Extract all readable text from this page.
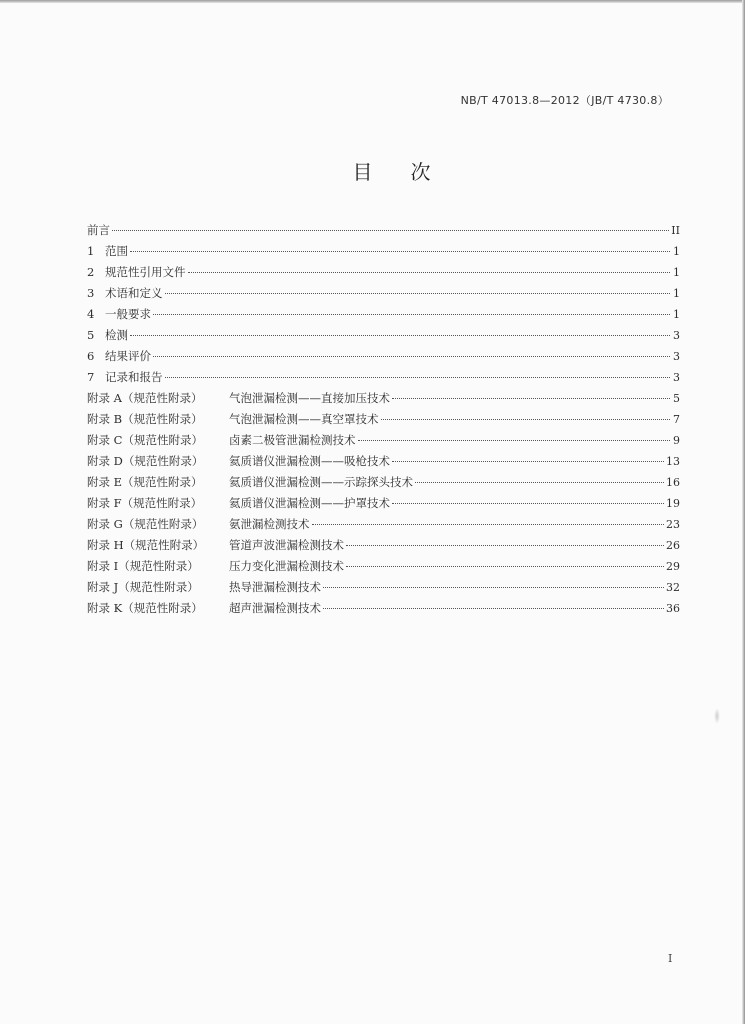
NB/T 47013.8—2012（JB/T 4730.8）
目次
前言	II
1 范围	1
2 规范性引用文件	1
3 术语和定义	1
4 一般要求	1
5 检测	3
6 结果评价	3
7 记录和报告	3
附录 A（规范性附录）	气泡泄漏检测——直接加压技术	5
附录 B（规范性附录）	气泡泄漏检测——真空罩技术	7
附录 C（规范性附录）	卤素二极管泄漏检测技术	9
附录 D（规范性附录）	氦质谱仪泄漏检测——吸枪技术	13
附录 E（规范性附录）	氦质谱仪泄漏检测——示踪探头技术	16
附录 F（规范性附录）	氦质谱仪泄漏检测——护罩技术	19
附录 G（规范性附录）	氨泄漏检测技术	23
附录 H（规范性附录）	管道声波泄漏检测技术	26
附录 I（规范性附录）	压力变化泄漏检测技术	29
附录 J（规范性附录）	热导泄漏检测技术	32
附录 K（规范性附录）	超声泄漏检测技术	36
I
